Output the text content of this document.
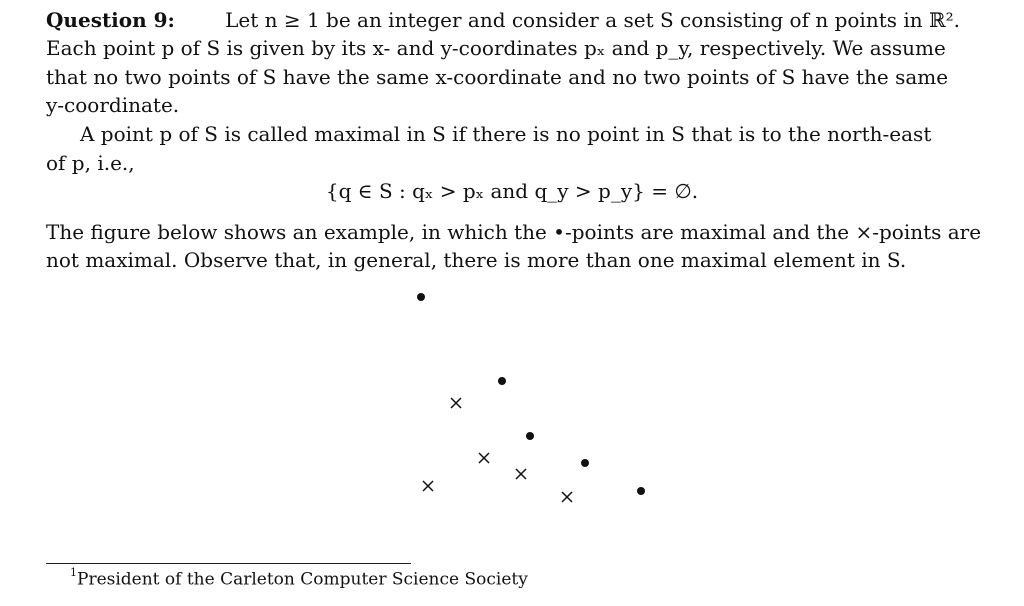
Question 9:	Let n ≥ 1 be an integer and consider a set S consisting of n points in ℝ².
Each point p of S is given by its x- and y-coordinates pₓ and p_y, respectively. We assume
that no two points of S have the same x-coordinate and no two points of S have the same
y-coordinate.
A point p of S is called maximal in S if there is no point in S that is to the north-east
of p, i.e.,
{q ∈ S : qₓ > pₓ and q_y > p_y} = ∅.
The figure below shows an example, in which the •-points are maximal and the ×-points are
not maximal. Observe that, in general, there is more than one maximal element in S.
$^1$President of the Carleton Computer Science Society
